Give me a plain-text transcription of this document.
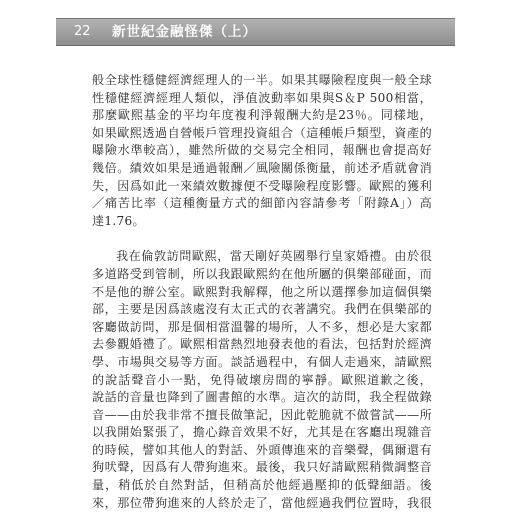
22 新世紀金融怪傑（上）
般全球性穩健經濟經理人的一半。如果其曝險程度與一般全球
性穩健經濟經理人類似，淨值波動率如果與S＆P 500相當，
那麼歐熙基金的平均年度複利淨報酬大約是23％。同樣地，
如果歐熙透過自營帳戶管理投資組合（這種帳戶類型，資產的
曝險水準較高），雖然所做的交易完全相同，報酬也會提高好
幾倍。績效如果是通過報酬／風險關係衡量，前述矛盾就會消
失，因爲如此一來績效數據便不受曝險程度影響。歐熙的獲利
／痛苦比率（這種衡量方式的細節內容請參考「附錄A」）高
達1.76。
我在倫敦訪問歐熙，當天剛好英國舉行皇家婚禮。由於很
多道路受到管制，所以我跟歐熙約在他所屬的俱樂部碰面，而
不是他的辦公室。歐熙對我解釋，他之所以選擇參加這個俱樂
部，主要是因爲該處沒有太正式的衣著講究。我們在俱樂部的
客廳做訪問，那是個相當溫馨的場所，人不多，想必是大家都
去參觀婚禮了。歐熙相當熱烈地發表他的看法，包括對於經濟
學、市場與交易等方面。談話過程中，有個人走過來，請歐熙
的說話聲音小一點，免得破壞房間的寧靜。歐熙道歉之後，
說話的音量也降到了圖書館的水準。這次的訪問，我全程做錄
音——由於我非常不擅長做筆記，因此乾脆就不做嘗試——所
以我開始緊張了，擔心錄音效果不好，尤其是在客廳出現雜音
的時候，譬如其他人的對話、外頭傳進來的音樂聲，偶爾還有
狗吠聲，因爲有人帶狗進來。最後，我只好請歐熙稍微調整音
量，稍低於自然對話，但稍高於他經過壓抑的低聲細語。後
來，那位帶狗進來的人終於走了，當他經過我們位置時，我很
